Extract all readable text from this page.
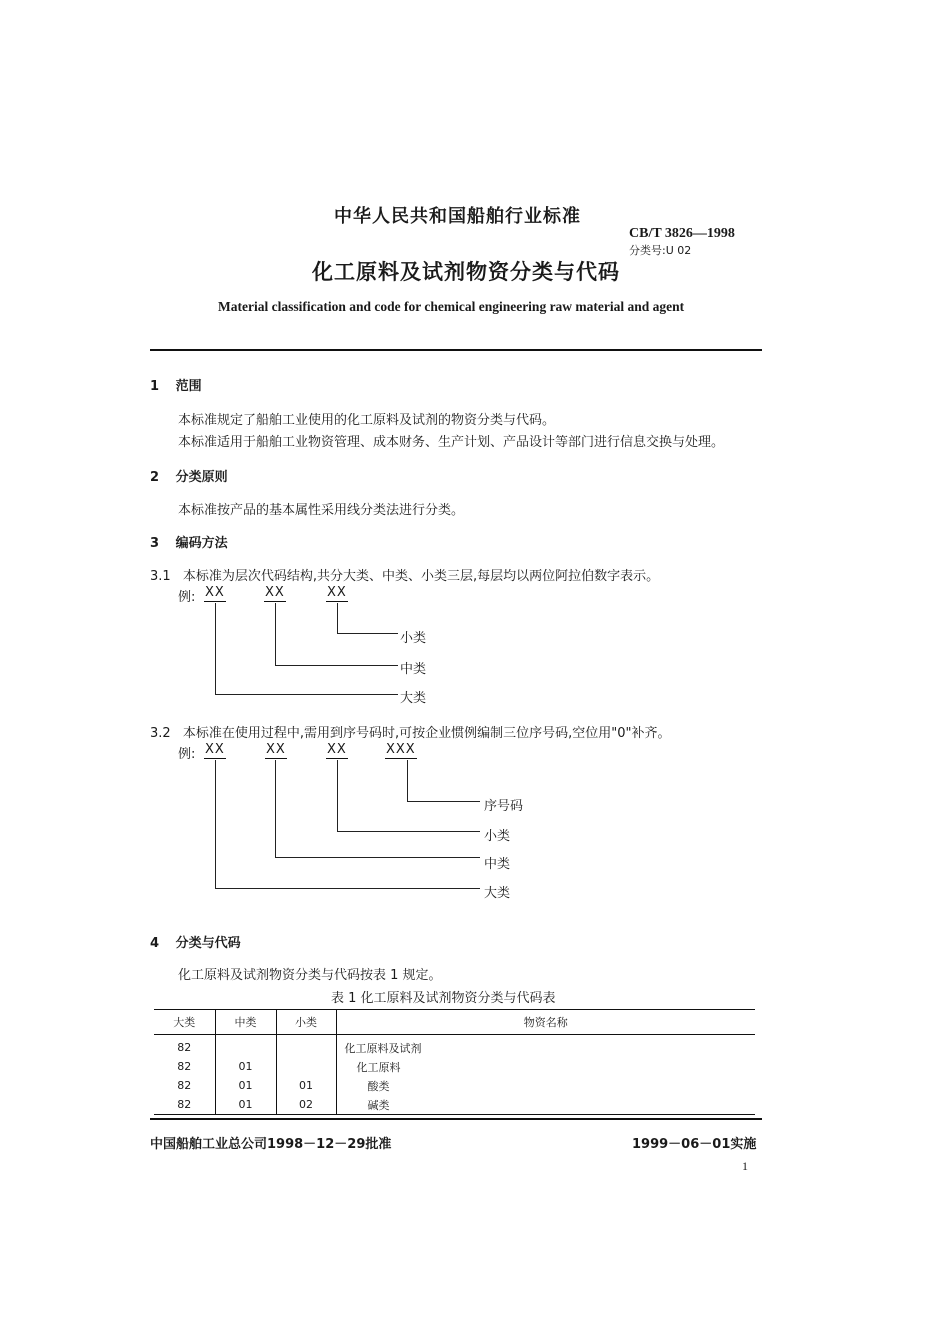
中华人民共和国船舶行业标准
CB/T 3826—1998
分类号:U 02
化工原料及试剂物资分类与代码
Material classification and code for chemical engineering raw material and agent
1 范围
本标准规定了船舶工业使用的化工原料及试剂的物资分类与代码。
本标准适用于船舶工业物资管理、成本财务、生产计划、产品设计等部门进行信息交换与处理。
2 分类原则
本标准按产品的基本属性采用线分类法进行分类。
3 编码方法
3.1 本标准为层次代码结构,共分大类、中类、小类三层,每层均以两位阿拉伯数字表示。
例: XX	XX	XX
小类
中类
大类
3.2 本标准在使用过程中,需用到序号码时,可按企业惯例编制三位序号码,空位用"0"补齐。
例: XX	XX	XX	XXX
序号码
小类
中类
大类
4 分类与代码
化工原料及试剂物资分类与代码按表 1 规定。
表 1 化工原料及试剂物资分类与代码表
大类	中类	小类	物资名称
82			化工原料及试剂
82	01		化工原料
82	01	01	酸类
82	01	02	碱类
中国船舶工业总公司1998－12－29批准	1999－06－01实施
1
